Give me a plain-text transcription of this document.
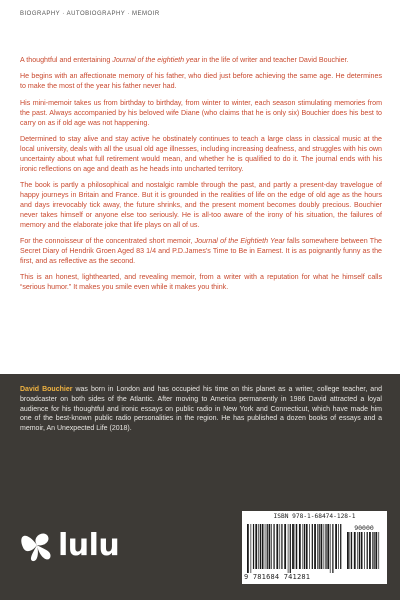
BIOGRAPHY · AUTOBIOGRAPHY · MEMOIR

A thoughtful and entertaining Journal of the eightieth year in the life of writer and teacher David Bouchier.

He begins with an affectionate memory of his father, who died just before achieving the same age. He determines to make the most of the year his father never had.

His mini-memoir takes us from birthday to birthday, from winter to winter, each season stimulating memories from the past. Always accompanied by his beloved wife Diane (who claims that he is only six) Bouchier does his best to carry on as if old age was not happening.

Determined to stay alive and stay active he obstinately continues to teach a large class in classical music at the local university, deals with all the usual old age illnesses, including increasing deafness, and struggles with his own uncertainty about what full retirement would mean, and whether he is qualified to do it. The journal ends with his ironic reflections on age and death as he heads into uncharted territory.

The book is partly a philosophical and nostalgic ramble through the past, and partly a present-day travelogue of happy journeys in Britain and France. But it is grounded in the realities of life on the edge of old age as the hours and days irrevocably tick away, the future shrinks, and the present moment becomes doubly precious. Bouchier never takes himself or anyone else too seriously. He is all-too aware of the irony of his situation, the failures of memory and the elaborate joke that life plays on all of us.

For the connoisseur of the concentrated short memoir, Journal of the Eightieth Year falls somewhere between The Secret Diary of Hendrik Groen Aged 83 1/4 and P.D.James's Time to Be in Earnest. It is as poignantly funny as the first, and as reflective as the second.

This is an honest, lighthearted, and revealing memoir, from a writer with a reputation for what he himself calls “serious humor.” It makes you smile even while it makes you think.

David Bouchier was born in London and has occupied his time on this planet as a writer, college teacher, and broadcaster on both sides of the Atlantic. After moving to America permanently in 1986 David attracted a loyal audience for his thoughtful and ironic essays on public radio in New York and Connecticut, which have made him one of the best-known public radio personalities in the region. He has published a dozen books of essays and a memoir, An Unexpected Life (2018).

lulu
ISBN 978-1-68474-128-1
90000
9 781684 741281
